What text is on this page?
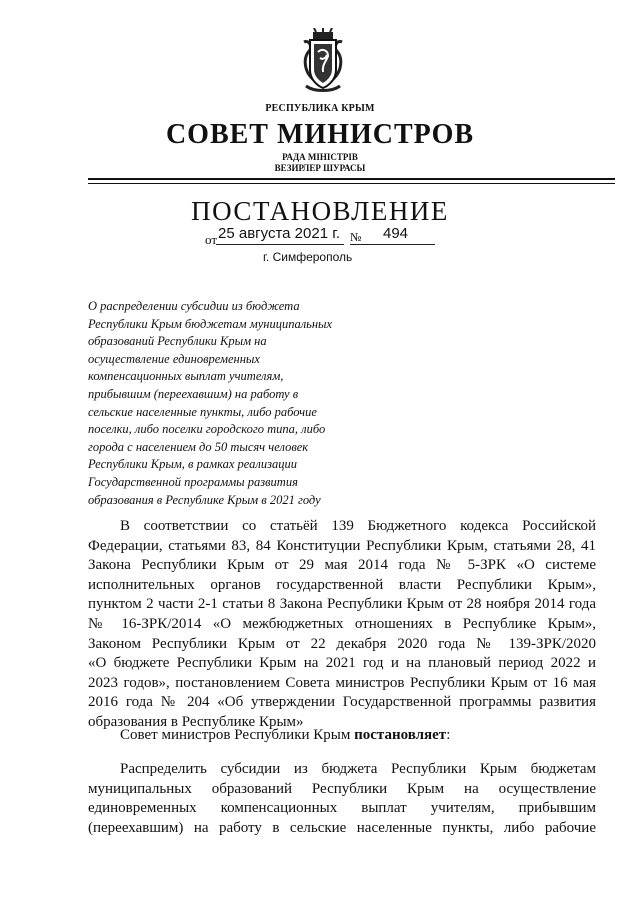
РЕСПУБЛИКА КРЫМ
СОВЕТ МИНИСТРОВ
РАДА МІНІСТРІВ
ВЕЗИРЛЕР ШУРАСЫ
ПОСТАНОВЛЕНИЕ
от 25 августа 2021 г. № 494
г. Симферополь
О распределении субсидии из бюджета
Республики Крым бюджетам муниципальных
образований Республики Крым на
осуществление единовременных
компенсационных выплат учителям,
прибывшим (переехавшим) на работу в
сельские населенные пункты, либо рабочие
поселки, либо поселки городского типа, либо
города с населением до 50 тысяч человек
Республики Крым, в рамках реализации
Государственной программы развития
образования в Республике Крым в 2021 году
В соответствии со статьёй 139 Бюджетного кодекса Российской
Федерации, статьями 83, 84 Конституции Республики Крым, статьями 28, 41
Закона Республики Крым от 29 мая 2014 года № 5-ЗРК «О системе
исполнительных органов государственной власти Республики Крым»,
пунктом 2 части 2-1 статьи 8 Закона Республики Крым от 28 ноября 2014 года
№ 16-ЗРК/2014 «О межбюджетных отношениях в Республике Крым»,
Законом Республики Крым от 22 декабря 2020 года № 139-ЗРК/2020
«О бюджете Республики Крым на 2021 год и на плановый период 2022 и
2023 годов», постановлением Совета министров Республики Крым от 16 мая
2016 года № 204 «Об утверждении Государственной программы развития
образования в Республике Крым»
Совет министров Республики Крым постановляет:
Распределить субсидии из бюджета Республики Крым бюджетам
муниципальных образований Республики Крым на осуществление
единовременных компенсационных выплат учителям, прибывшим
(переехавшим) на работу в сельские населенные пункты, либо рабочие
